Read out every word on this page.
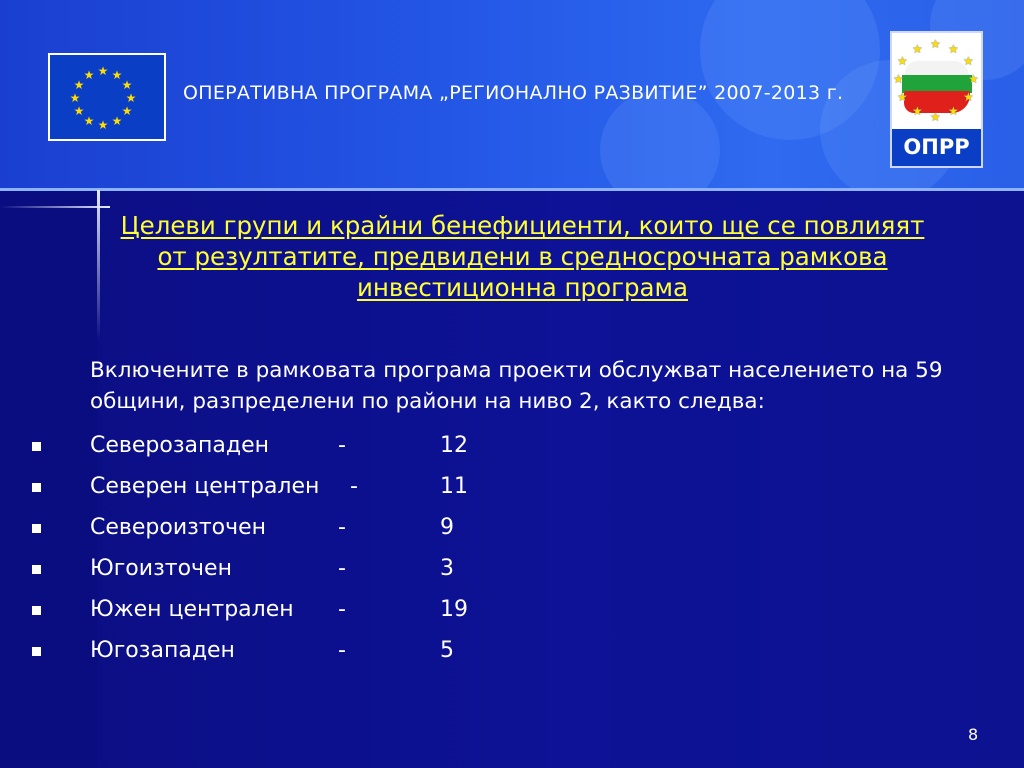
★ ★
★
★
★
★
★
★
★
★
★
★
ОПЕРАТИВНА ПРОГРАМА „РЕГИОНАЛНО РАЗВИТИЕ” 2007-2013 г.
★ ★
★
★
★
★
★
★
★
★
★
★
ОПРР
Целеви групи и крайни бенефициенти, които ще се повлияят
от резултатите, предвидени в средносрочната рамкова
инвестиционна програма
Включените в рамковата програма проекти обслужват населението на 59 общини, разпределени по райони на ниво 2, както следва:
Северозападен	-	12
Северен централен -	11
Североизточен	-	9
Югоизточен	-	3
Южен централен -	19
Югозападен	-	5
8
